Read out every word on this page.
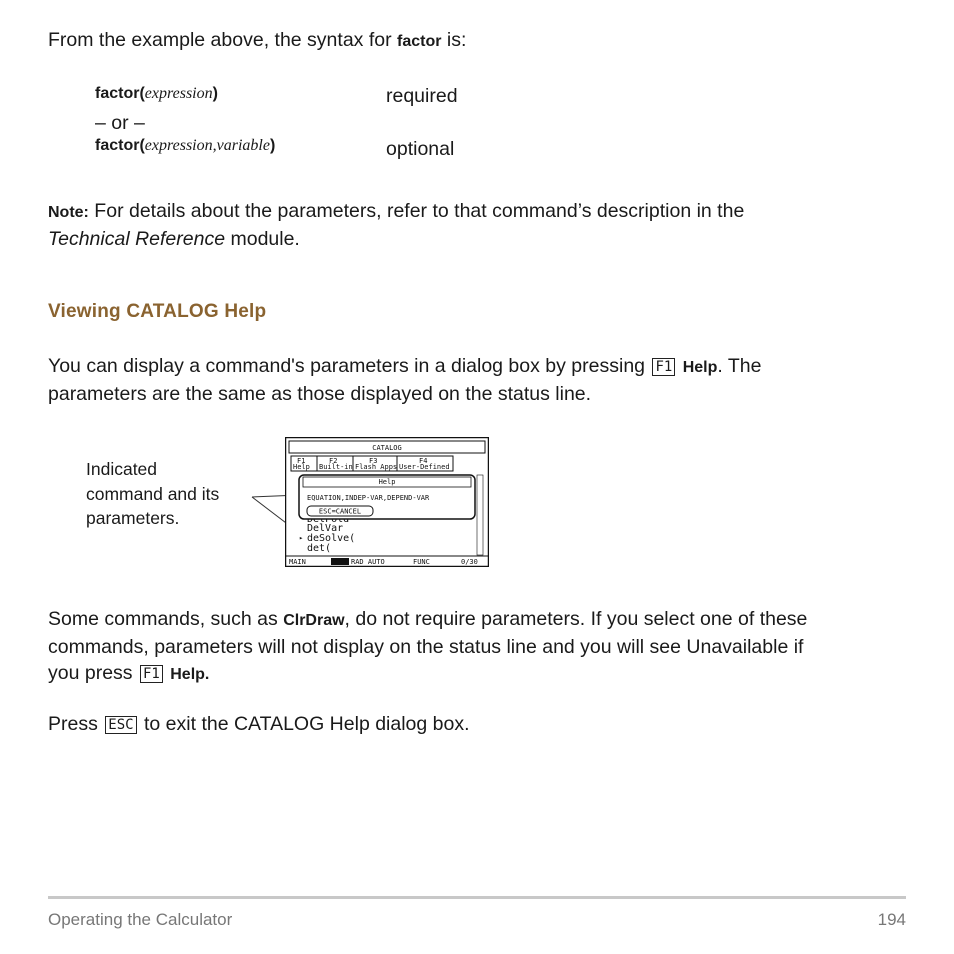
From the example above, the syntax for factor is:
factor(expression)	required
– or –
factor(expression,variable)	optional
Note: For details about the parameters, refer to that command’s description in the
Technical Reference module.
Viewing CATALOG Help
You can display a command's parameters in a dialog box by pressing F1 Help. The
parameters are the same as those displayed on the status line.
Indicated
command and its
parameters.
CATALOG
F1
Help
F2
Built-in
F3
Flash Apps
F4
User-Defined
DelVar
▸ deSolve(
det(
Help
EQUATION,INDEP-VAR,DEPEND-VAR
ESC=CANCEL
MAIN	RAD AUTO	FUNC	0/30
Some commands, such as ClrDraw, do not require parameters. If you select one of these
commands, parameters will not display on the status line and you will see Unavailable if
you press F1 Help.
Press ESC to exit the CATALOG Help dialog box.
Operating the Calculator	194
